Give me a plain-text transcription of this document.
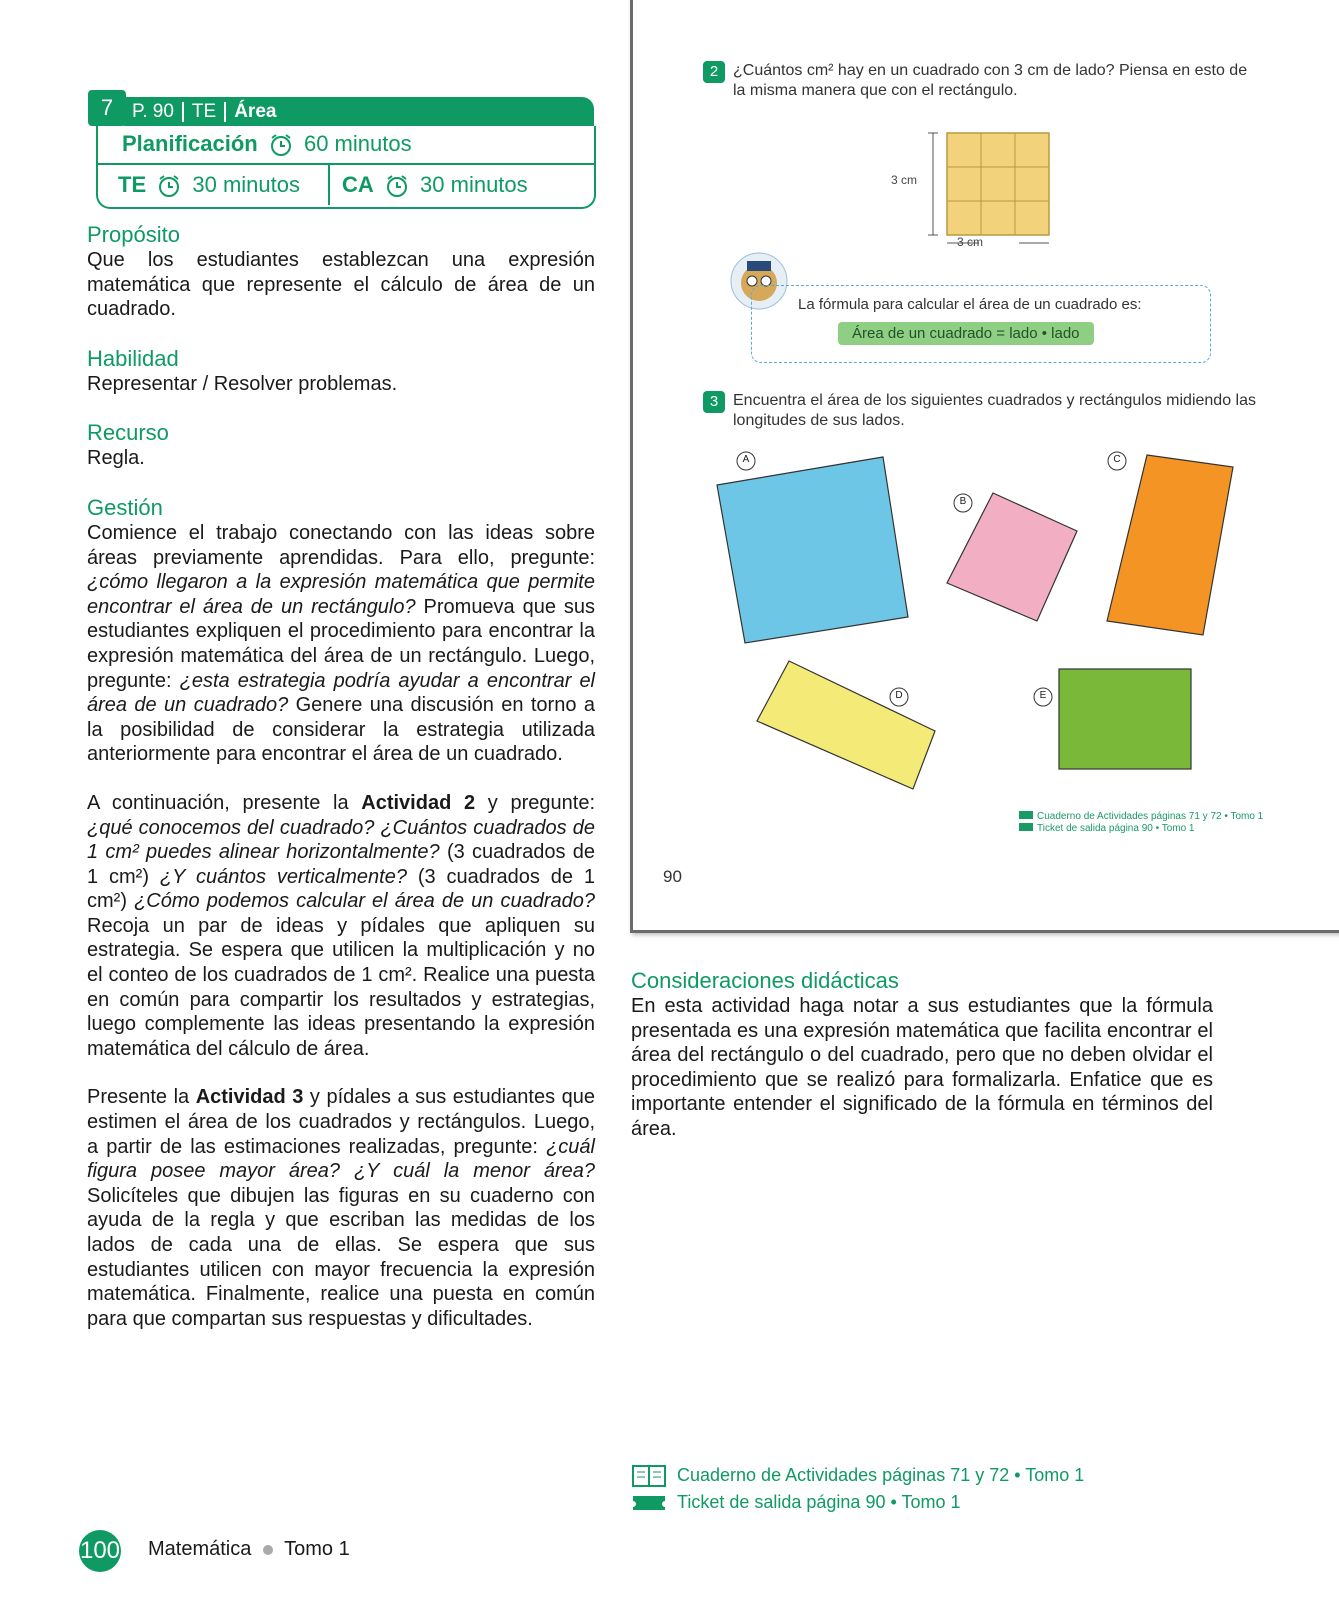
7 P. 90 TE Área
Planificación 60 minutos
TE 30 minutos CA 30 minutos
Propósito

Que los estudiantes establezcan una expresión matemática que represente el cálculo de área de un cuadrado.

Habilidad

Representar / Resolver problemas.

Recurso

Regla.

Gestión

Comience el trabajo conectando con las ideas sobre áreas previamente aprendidas. Para ello, pregunte: ¿cómo llegaron a la expresión matemática que permite encontrar el área de un rectángulo? Promueva que sus estudiantes expliquen el procedimiento para encontrar la expresión matemática del área de un rectángulo. Luego, pregunte: ¿esta estrategia podría ayudar a encontrar el área de un cuadrado? Genere una discusión en torno a la posibilidad de considerar la estrategia utilizada anteriormente para encontrar el área de un cuadrado.

A continuación, presente la Actividad 2 y pregunte: ¿qué conocemos del cuadrado? ¿Cuántos cuadrados de 1 cm² puedes alinear horizontalmente? (3 cuadrados de 1 cm²) ¿Y cuántos verticalmente? (3 cuadrados de 1 cm²) ¿Cómo podemos calcular el área de un cuadrado? Recoja un par de ideas y pídales que apliquen su estrategia. Se espera que utilicen la multiplicación y no el conteo de los cuadrados de 1 cm². Realice una puesta en común para compartir los resultados y estrategias, luego complemente las ideas presentando la expresión matemática del cálculo de área.

Presente la Actividad 3 y pídales a sus estudiantes que estimen el área de los cuadrados y rectángulos. Luego, a partir de las estimaciones realizadas, pregunte: ¿cuál figura posee mayor área? ¿Y cuál la menor área? Solicíteles que dibujen las figuras en su cuaderno con ayuda de la regla y que escriban las medidas de los lados de cada una de ellas. Se espera que sus estudiantes utilicen con mayor frecuencia la expresión matemática. Finalmente, realice una puesta en común para que compartan sus respuestas y dificultades.

2 ¿Cuántos cm² hay en un cuadrado con 3 cm de lado? Piensa en esto de la misma manera que con el rectángulo.
3 cm
3 cm
La fórmula para calcular el área de un cuadrado es:
Área de un cuadrado = lado • lado
3 Encuentra el área de los siguientes cuadrados y rectángulos midiendo las longitudes de sus lados.
A
B
C
D	E
Cuaderno de Actividades páginas 71 y 72 • Tomo 1
Ticket de salida página 90 • Tomo 1
90
Consideraciones didácticas

En esta actividad haga notar a sus estudiantes que la fórmula presentada es una expresión matemática que facilita encontrar el área del rectángulo o del cuadrado, pero que no deben olvidar el procedimiento que se realizó para formalizarla. Enfatice que es importante entender el significado de la fórmula en términos del área.

Cuaderno de Actividades páginas 71 y 72 • Tomo 1
Ticket de salida página 90 • Tomo 1
100 Matemática Tomo 1
